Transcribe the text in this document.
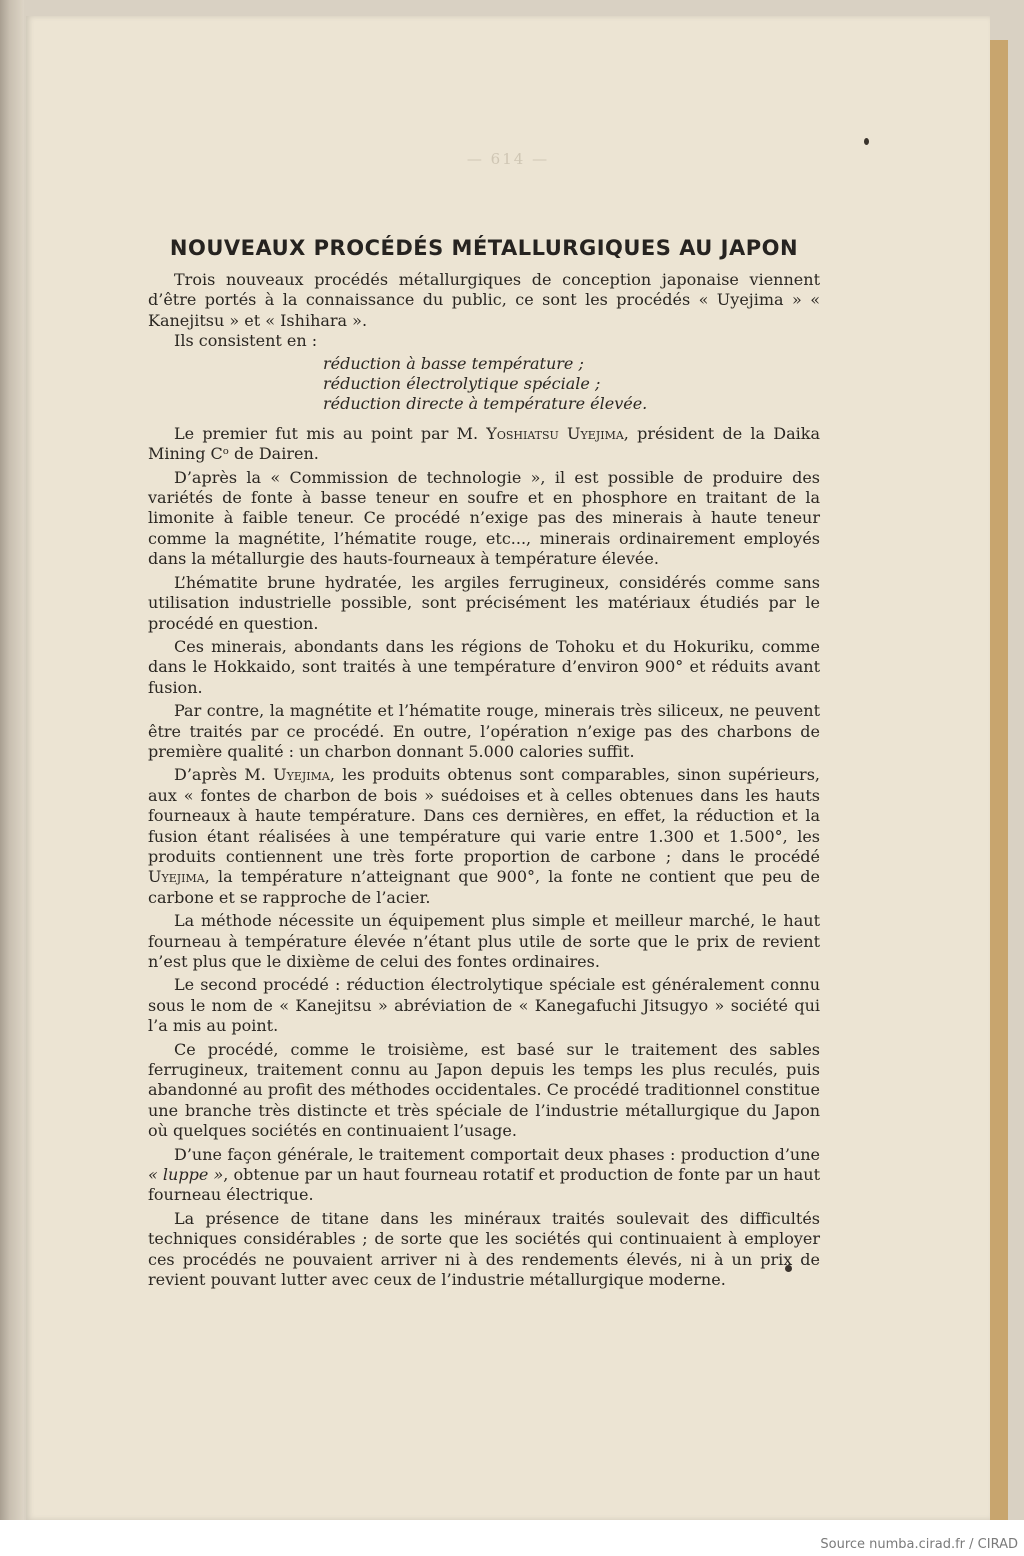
— 614 —
NOUVEAUX PROCÉDÉS MÉTALLURGIQUES AU JAPON

Trois nouveaux procédés métallurgiques de conception japonaise viennent d’être portés à la connaissance du public, ce sont les procédés « Uyejima » « Kanejitsu » et « Ishihara ».

Ils consistent en :

réduction à basse température ;
réduction électrolytique spéciale ;
réduction directe à température élevée.

Le premier fut mis au point par M. Yoshiatsu Uyejima, président de la Daika Mining Cᵒ de Dairen.

D’après la « Commission de technologie », il est possible de produire des variétés de fonte à basse teneur en soufre et en phosphore en traitant de la limonite à faible teneur. Ce procédé n’exige pas des minerais à haute teneur comme la magnétite, l’hématite rouge, etc..., minerais ordinairement employés dans la métallurgie des hauts-fourneaux à température élevée.

L’hématite brune hydratée, les argiles ferrugineux, considérés comme sans utilisation industrielle possible, sont précisément les matériaux étudiés par le procédé en question.

Ces minerais, abondants dans les régions de Tohoku et du Hokuriku, comme dans le Hokkaido, sont traités à une température d’environ 900° et réduits avant fusion.

Par contre, la magnétite et l’hématite rouge, minerais très siliceux, ne peuvent être traités par ce procédé. En outre, l’opération n’exige pas des charbons de première qualité : un charbon donnant 5.000 calories suffit.

D’après M. Uyejima, les produits obtenus sont comparables, sinon supérieurs, aux « fontes de charbon de bois » suédoises et à celles obtenues dans les hauts fourneaux à haute température. Dans ces dernières, en effet, la réduction et la fusion étant réalisées à une température qui varie entre 1.300 et 1.500°, les produits contiennent une très forte proportion de carbone ; dans le procédé Uyejima, la température n’atteignant que 900°, la fonte ne contient que peu de carbone et se rapproche de l’acier.

La méthode nécessite un équipement plus simple et meilleur marché, le haut fourneau à température élevée n’étant plus utile de sorte que le prix de revient n’est plus que le dixième de celui des fontes ordinaires.

Le second procédé : réduction électrolytique spéciale est généralement connu sous le nom de « Kanejitsu » abréviation de « Kanegafuchi Jitsugyo » société qui l’a mis au point.

Ce procédé, comme le troisième, est basé sur le traitement des sables ferrugineux, traitement connu au Japon depuis les temps les plus reculés, puis abandonné au profit des méthodes occidentales. Ce procédé traditionnel constitue une branche très distincte et très spéciale de l’industrie métallurgique du Japon où quelques sociétés en continuaient l’usage.

D’une façon générale, le traitement comportait deux phases : production d’une « luppe », obtenue par un haut fourneau rotatif et production de fonte par un haut fourneau électrique.

La présence de titane dans les minéraux traités soulevait des difficultés techniques considérables ; de sorte que les sociétés qui continuaient à employer ces procédés ne pouvaient arriver ni à des rendements élevés, ni à un prix de revient pouvant lutter avec ceux de l’industrie métallurgique moderne.

Source numba.cirad.fr / CIRAD
